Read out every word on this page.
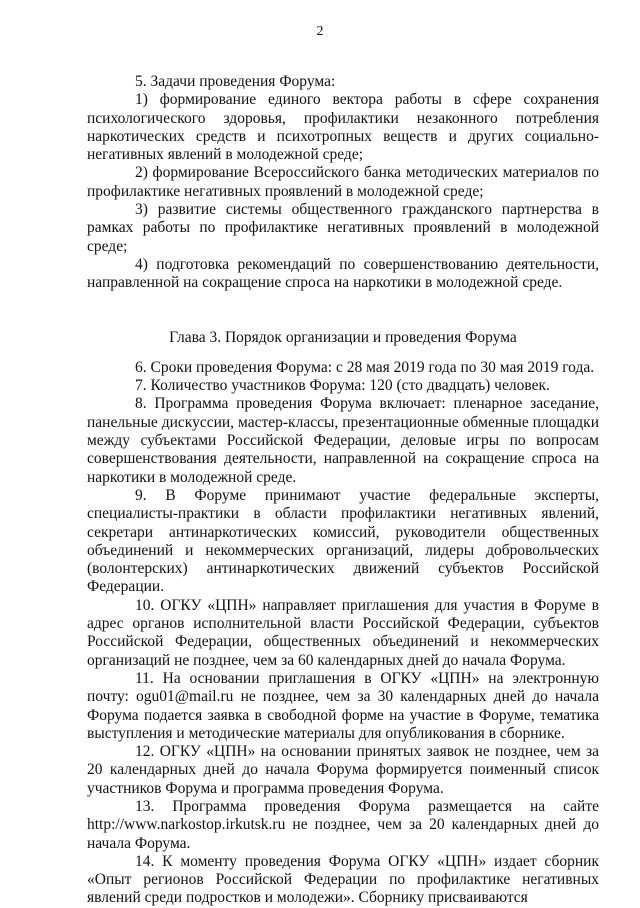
2

5. Задачи проведения Форума:

1) формирование единого вектора работы в сфере сохранения психологического здоровья, профилактики незаконного потребления наркотических средств и психотропных веществ и других социально-негативных явлений в молодежной среде;

2) формирование Всероссийского банка методических материалов по профилактике негативных проявлений в молодежной среде;

3) развитие системы общественного гражданского партнерства в рамках работы по профилактике негативных проявлений в молодежной среде;

4) подготовка рекомендаций по совершенствованию деятельности, направленной на сокращение спроса на наркотики в молодежной среде.

Глава 3. Порядок организации и проведения Форума

6. Сроки проведения Форума: с 28 мая 2019 года по 30 мая 2019 года.

7. Количество участников Форума: 120 (сто двадцать) человек.

8. Программа проведения Форума включает: пленарное заседание, панельные дискуссии, мастер-классы, презентационные обменные площадки между субъектами Российской Федерации, деловые игры по вопросам совершенствования деятельности, направленной на сокращение спроса на наркотики в молодежной среде.

9. В Форуме принимают участие федеральные эксперты, специалисты-практики в области профилактики негативных явлений, секретари антинаркотических комиссий, руководители общественных объединений и некоммерческих организаций, лидеры добровольческих (волонтерских) антинаркотических движений субъектов Российской Федерации.

10. ОГКУ «ЦПН» направляет приглашения для участия в Форуме в адрес органов исполнительной власти Российской Федерации, субъектов Российской Федерации, общественных объединений и некоммерческих организаций не позднее, чем за 60 календарных дней до начала Форума.

11. На основании приглашения в ОГКУ «ЦПН» на электронную почту: ogu01@mail.ru не позднее, чем за 30 календарных дней до начала Форума подается заявка в свободной форме на участие в Форуме, тематика выступления и методические материалы для опубликования в сборнике.

12. ОГКУ «ЦПН» на основании принятых заявок не позднее, чем за 20 календарных дней до начала Форума формируется поименный список участников Форума и программа проведения Форума.

13. Программа проведения Форума размещается на сайте http://www.narkostop.irkutsk.ru не позднее, чем за 20 календарных дней до начала Форума.

14. К моменту проведения Форума ОГКУ «ЦПН» издает сборник «Опыт регионов Российской Федерации по профилактике негативных явлений среди подростков и молодежи». Сборнику присваиваются
